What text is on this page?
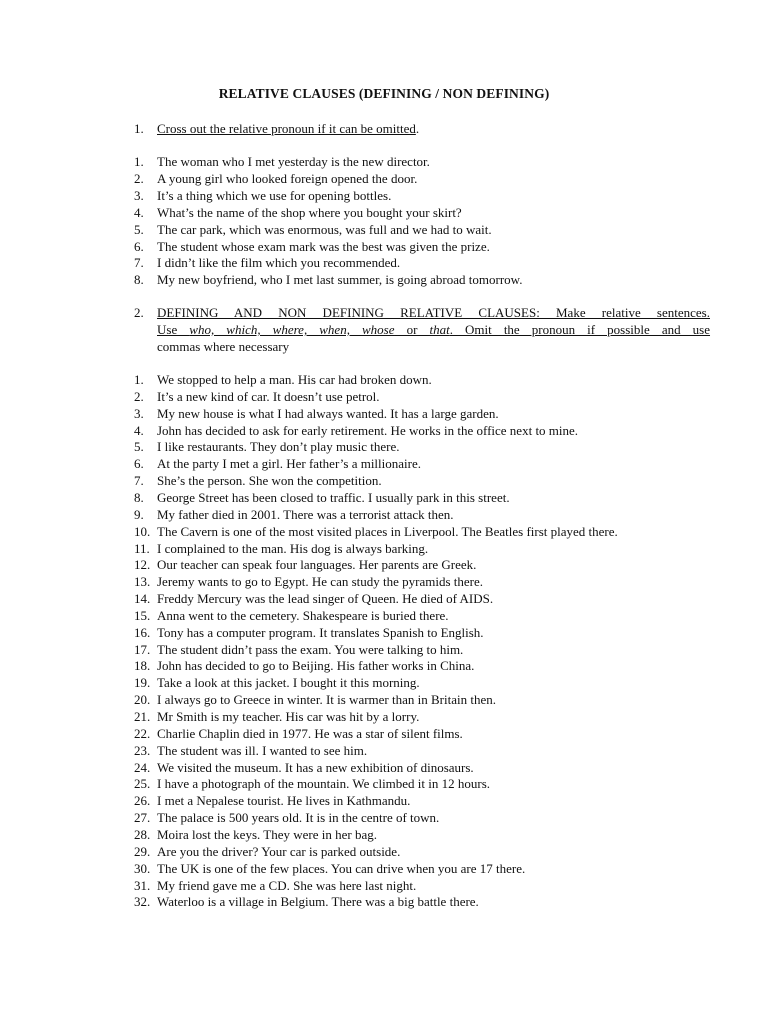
RELATIVE CLAUSES (DEFINING / NON DEFINING)
1. Cross out the relative pronoun if it can be omitted.
1. The woman who I met yesterday is the new director.
2. A young girl who looked foreign opened the door.
3. It’s a thing which we use for opening bottles.
4. What’s the name of the shop where you bought your skirt?
5. The car park, which was enormous, was full and we had to wait.
6. The student whose exam mark was the best was given the prize.
7. I didn’t like the film which you recommended.
8. My new boyfriend, who I met last summer, is going abroad tomorrow.
2. DEFINING AND NON DEFINING RELATIVE CLAUSES: Make relative sentences.
Use who, which, where, when, whose or that. Omit the pronoun if possible and use
commas where necessary
1. We stopped to help a man. His car had broken down.
2. It’s a new kind of car. It doesn’t use petrol.
3. My new house is what I had always wanted. It has a large garden.
4. John has decided to ask for early retirement. He works in the office next to mine.
5. I like restaurants. They don’t play music there.
6. At the party I met a girl. Her father’s a millionaire.
7. She’s the person. She won the competition.
8. George Street has been closed to traffic. I usually park in this street.
9. My father died in 2001. There was a terrorist attack then.
10. The Cavern is one of the most visited places in Liverpool. The Beatles first played there.
11. I complained to the man. His dog is always barking.
12. Our teacher can speak four languages. Her parents are Greek.
13. Jeremy wants to go to Egypt. He can study the pyramids there.
14. Freddy Mercury was the lead singer of Queen. He died of AIDS.
15. Anna went to the cemetery. Shakespeare is buried there.
16. Tony has a computer program. It translates Spanish to English.
17. The student didn’t pass the exam. You were talking to him.
18. John has decided to go to Beijing. His father works in China.
19. Take a look at this jacket. I bought it this morning.
20. I always go to Greece in winter. It is warmer than in Britain then.
21. Mr Smith is my teacher. His car was hit by a lorry.
22. Charlie Chaplin died in 1977. He was a star of silent films.
23. The student was ill. I wanted to see him.
24. We visited the museum. It has a new exhibition of dinosaurs.
25. I have a photograph of the mountain. We climbed it in 12 hours.
26. I met a Nepalese tourist. He lives in Kathmandu.
27. The palace is 500 years old. It is in the centre of town.
28. Moira lost the keys. They were in her bag.
29. Are you the driver? Your car is parked outside.
30. The UK is one of the few places. You can drive when you are 17 there.
31. My friend gave me a CD. She was here last night.
32. Waterloo is a village in Belgium. There was a big battle there.
